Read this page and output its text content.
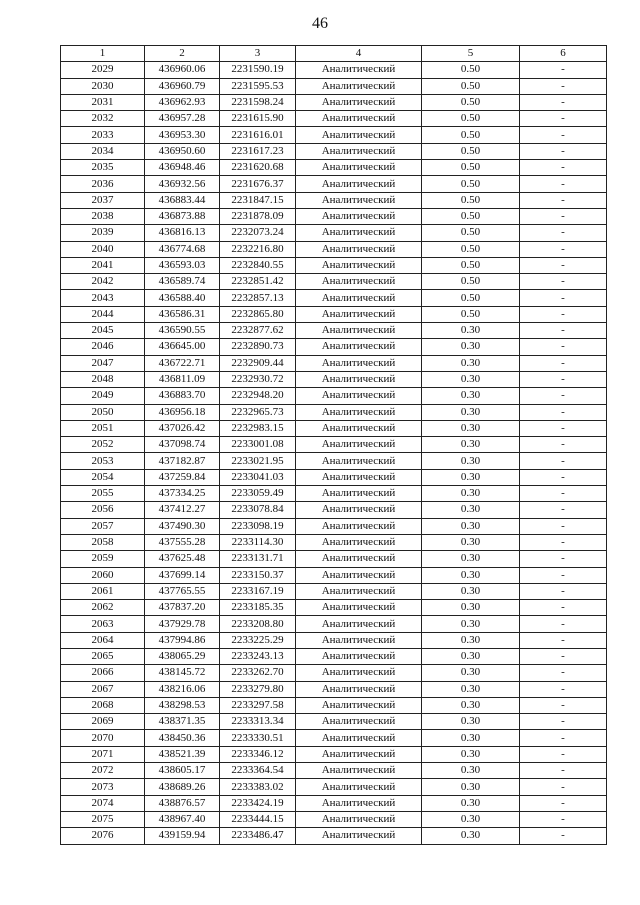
46
1	2	3	4	5	6
2029	436960.06	2231590.19	Аналитический	0.50	-
2030	436960.79	2231595.53	Аналитический	0.50	-
2031	436962.93	2231598.24	Аналитический	0.50	-
2032	436957.28	2231615.90	Аналитический	0.50	-
2033	436953.30	2231616.01	Аналитический	0.50	-
2034	436950.60	2231617.23	Аналитический	0.50	-
2035	436948.46	2231620.68	Аналитический	0.50	-
2036	436932.56	2231676.37	Аналитический	0.50	-
2037	436883.44	2231847.15	Аналитический	0.50	-
2038	436873.88	2231878.09	Аналитический	0.50	-
2039	436816.13	2232073.24	Аналитический	0.50	-
2040	436774.68	2232216.80	Аналитический	0.50	-
2041	436593.03	2232840.55	Аналитический	0.50	-
2042	436589.74	2232851.42	Аналитический	0.50	-
2043	436588.40	2232857.13	Аналитический	0.50	-
2044	436586.31	2232865.80	Аналитический	0.50	-
2045	436590.55	2232877.62	Аналитический	0.30	-
2046	436645.00	2232890.73	Аналитический	0.30	-
2047	436722.71	2232909.44	Аналитический	0.30	-
2048	436811.09	2232930.72	Аналитический	0.30	-
2049	436883.70	2232948.20	Аналитический	0.30	-
2050	436956.18	2232965.73	Аналитический	0.30	-
2051	437026.42	2232983.15	Аналитический	0.30	-
2052	437098.74	2233001.08	Аналитический	0.30	-
2053	437182.87	2233021.95	Аналитический	0.30	-
2054	437259.84	2233041.03	Аналитический	0.30	-
2055	437334.25	2233059.49	Аналитический	0.30	-
2056	437412.27	2233078.84	Аналитический	0.30	-
2057	437490.30	2233098.19	Аналитический	0.30	-
2058	437555.28	2233114.30	Аналитический	0.30	-
2059	437625.48	2233131.71	Аналитический	0.30	-
2060	437699.14	2233150.37	Аналитический	0.30	-
2061	437765.55	2233167.19	Аналитический	0.30	-
2062	437837.20	2233185.35	Аналитический	0.30	-
2063	437929.78	2233208.80	Аналитический	0.30	-
2064	437994.86	2233225.29	Аналитический	0.30	-
2065	438065.29	2233243.13	Аналитический	0.30	-
2066	438145.72	2233262.70	Аналитический	0.30	-
2067	438216.06	2233279.80	Аналитический	0.30	-
2068	438298.53	2233297.58	Аналитический	0.30	-
2069	438371.35	2233313.34	Аналитический	0.30	-
2070	438450.36	2233330.51	Аналитический	0.30	-
2071	438521.39	2233346.12	Аналитический	0.30	-
2072	438605.17	2233364.54	Аналитический	0.30	-
2073	438689.26	2233383.02	Аналитический	0.30	-
2074	438876.57	2233424.19	Аналитический	0.30	-
2075	438967.40	2233444.15	Аналитический	0.30	-
2076	439159.94	2233486.47	Аналитический	0.30	-
